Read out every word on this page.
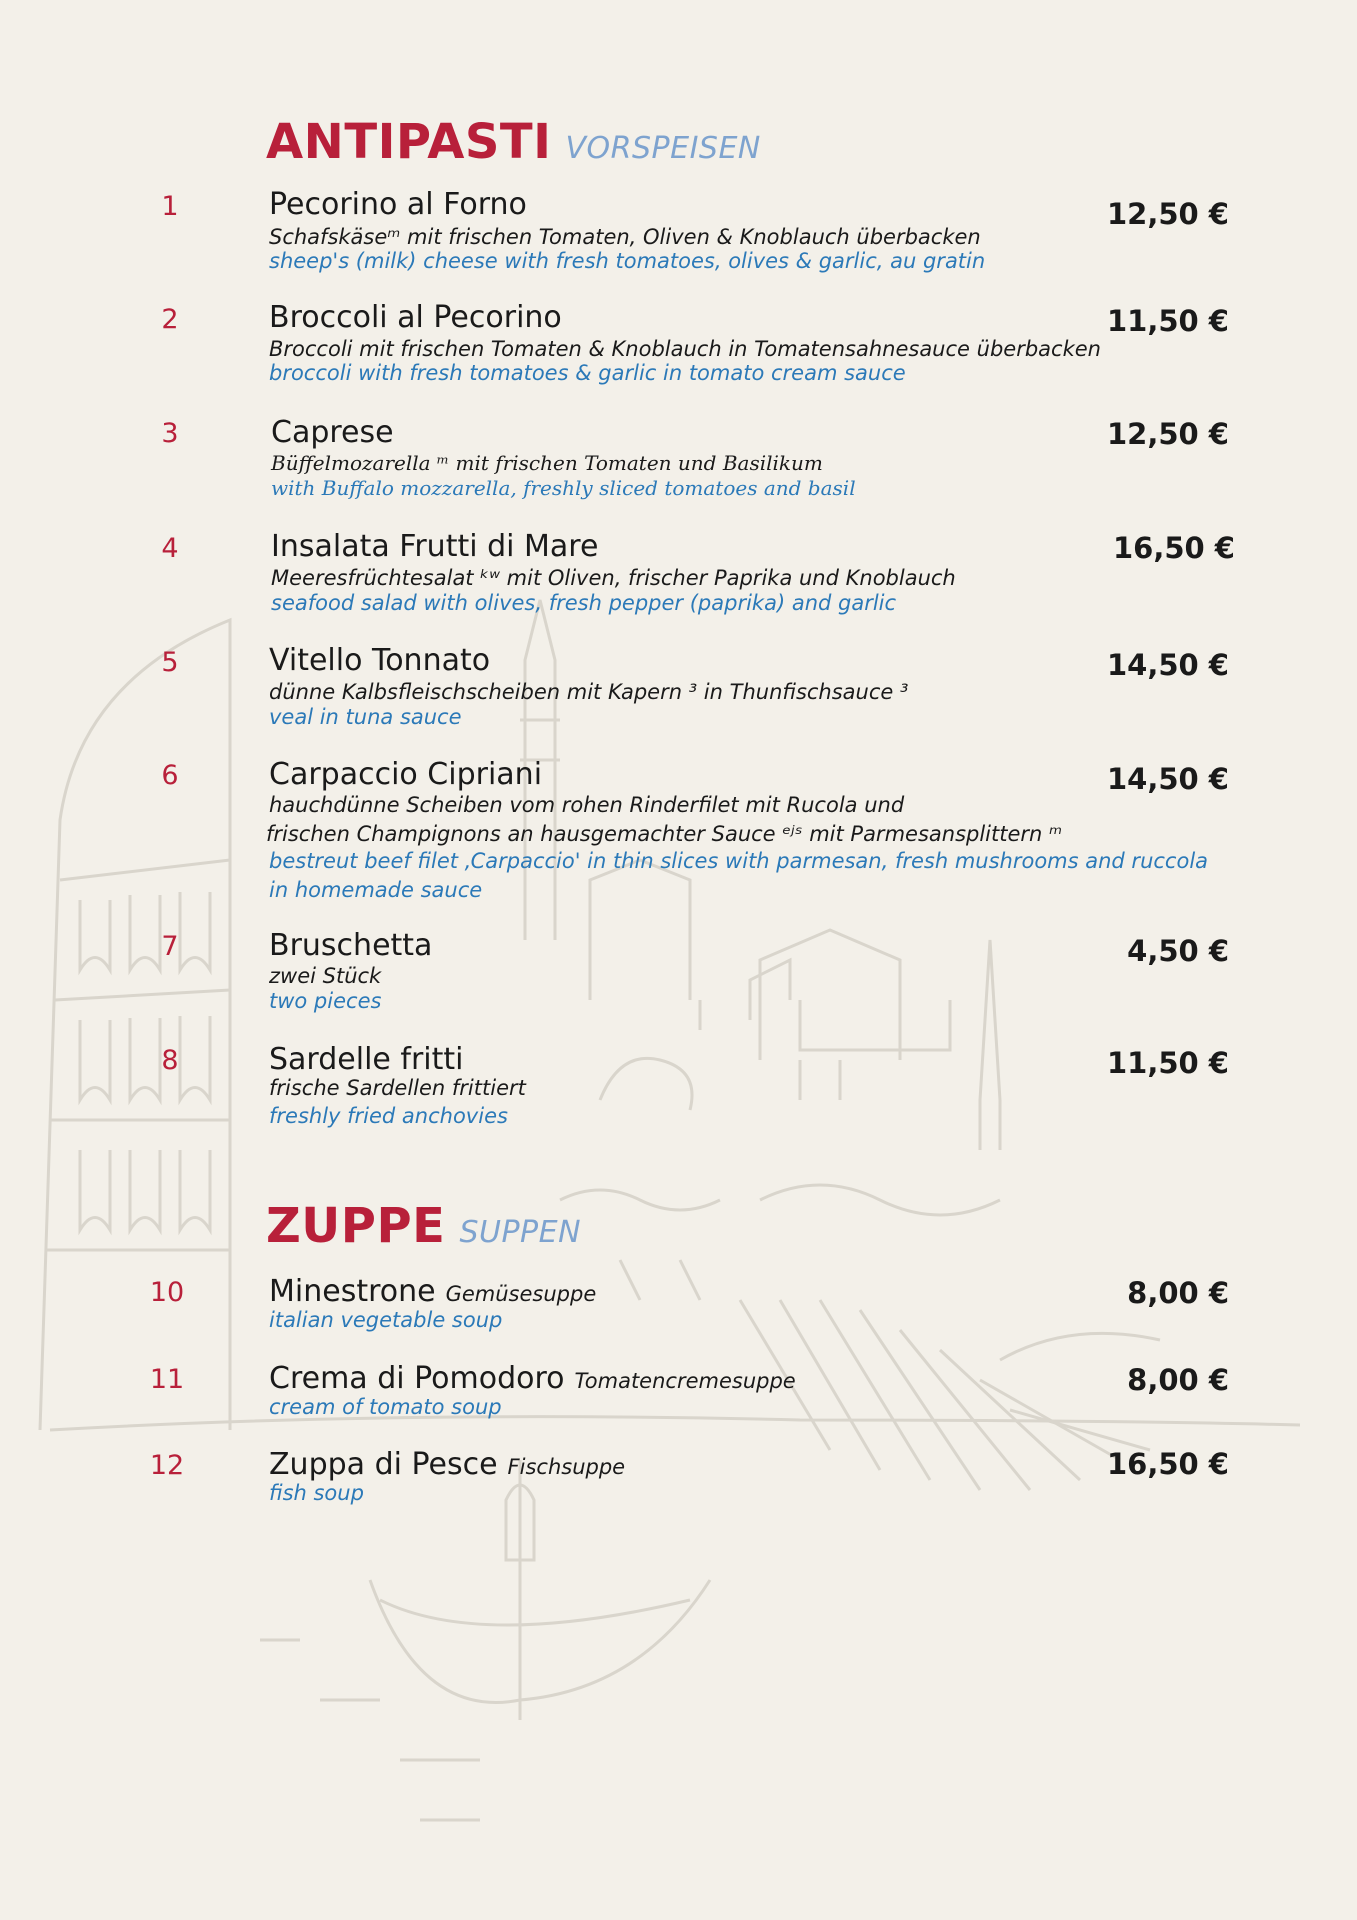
ANTIPASTI VORSPEISEN
1	Pecorino al Forno	12,50 €
Schafskäseᵐ mit frischen Tomaten, Oliven & Knoblauch überbacken
sheep's (milk) cheese with fresh tomatoes, olives & garlic, au gratin
2	Broccoli al Pecorino	11,50 €
Broccoli mit frischen Tomaten & Knoblauch in Tomatensahnesauce überbacken
broccoli with fresh tomatoes & garlic in tomato cream sauce
3	Caprese	12,50 €
Büffelmozarella ᵐ mit frischen Tomaten und Basilikum
with Buffalo mozzarella, freshly sliced tomatoes and basil
4	Insalata Frutti di Mare	16,50 €
Meeresfrüchtesalat ᵏʷ mit Oliven, frischer Paprika und Knoblauch
seafood salad with olives, fresh pepper (paprika) and garlic
5	Vitello Tonnato	14,50 €
dünne Kalbsfleischscheiben mit Kapern ³ in Thunfischsauce ³
veal in tuna sauce
6	Carpaccio Cipriani	14,50 €
hauchdünne Scheiben vom rohen Rinderfilet mit Rucola und
frischen Champignons an hausgemachter Sauce ᵉʲˢ mit Parmesansplittern ᵐ
bestreut beef filet ‚Carpaccio' in thin slices with parmesan, fresh mushrooms and ruccola
in homemade sauce
7	Bruschetta	4,50 €
zwei Stück
two pieces
8	Sardelle fritti	11,50 €
frische Sardellen frittiert
freshly fried anchovies
ZUPPE SUPPEN
10	Minestrone Gemüsesuppe	8,00 €
italian vegetable soup
11	Crema di Pomodoro Tomatencremesuppe	8,00 €
cream of tomato soup
12	Zuppa di Pesce Fischsuppe	16,50 €
fish soup
